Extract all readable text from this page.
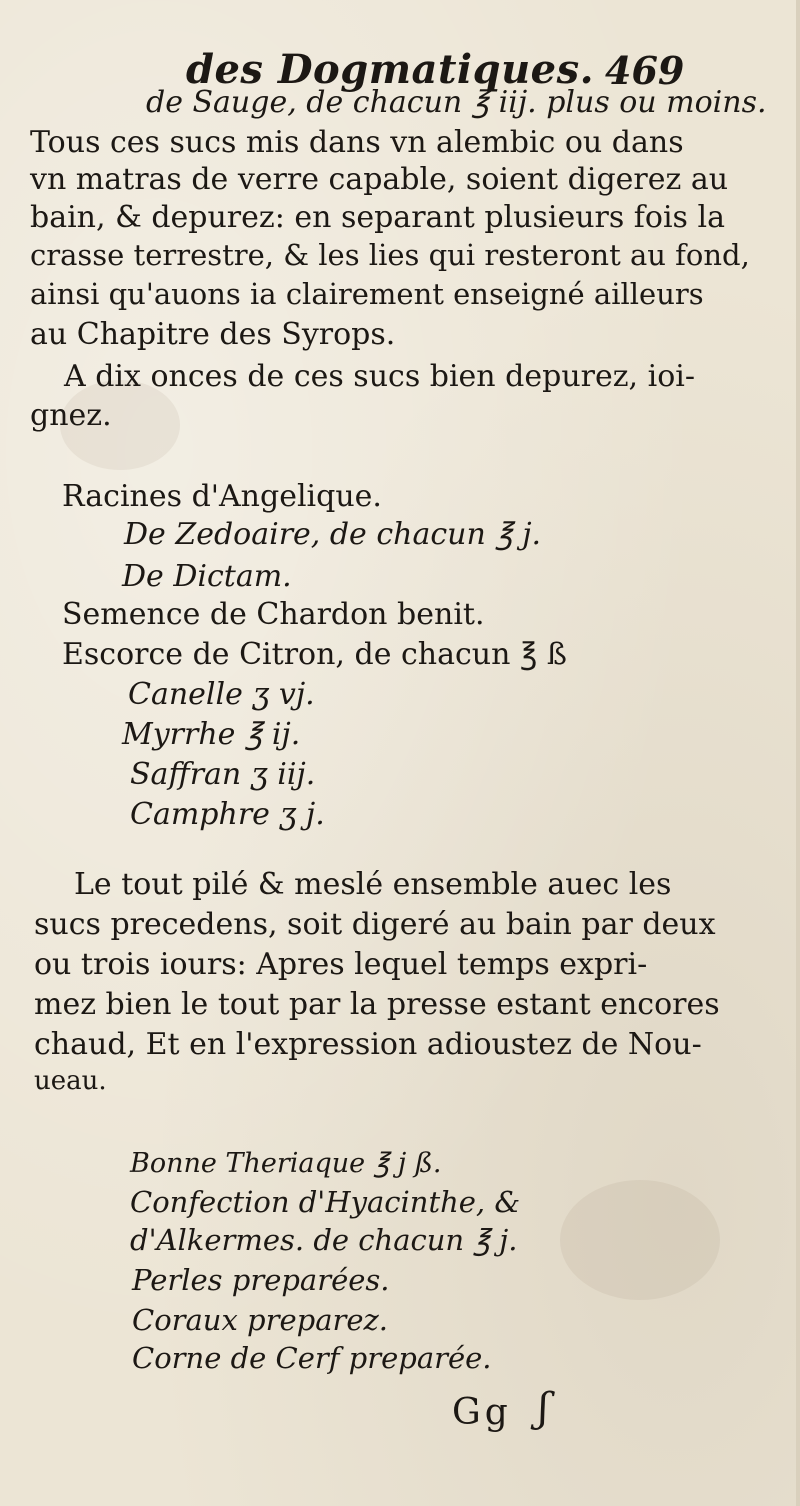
des Dogmatiques. 469
de Sauge, de chacun ℥ iij. plus ou moins.
Tous ces sucs mis dans vn alembic ou dans
vn matras de verre capable, soient digerez au
bain, & depurez: en separant plusieurs fois la
crasse terrestre, & les lies qui resteront au fond,
ainsi qu'auons ia clairement enseigné ailleurs
au Chapitre des Syrops.
A dix onces de ces sucs bien depurez, ioi-
gnez.
Racines d'Angelique.
De Zedoaire, de chacun ℥ j.
De Dictam.
Semence de Chardon benit.
Escorce de Citron, de chacun ℥ ß
Canelle ʒ vj.
Myrrhe ℥ ij.
Saffran ʒ iij.
Camphre ʒ j.
Le tout pilé & meslé ensemble auec les
sucs precedens, soit digeré au bain par deux
ou trois iours: Apres lequel temps expri-
mez bien le tout par la presse estant encores
chaud, Et en l'expression adioustez de Nou-
ueau.
Bonne Theriaque ℥ j ß.
Confection d'Hyacinthe, &
d'Alkermes. de chacun ℥ j.
Perles preparées.
Coraux preparez.
Corne de Cerf preparée.
Gg ʃ
